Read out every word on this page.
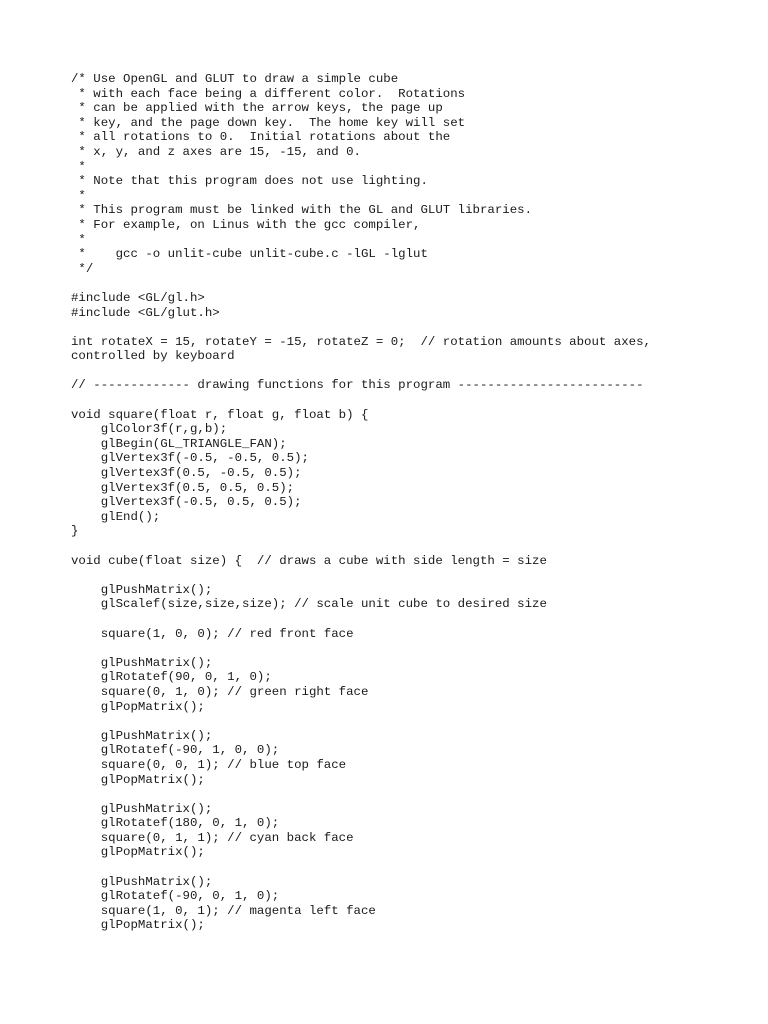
/* Use OpenGL and GLUT to draw a simple cube
* with each face being a different color.  Rotations
* can be applied with the arrow keys, the page up
* key, and the page down key.  The home key will set
* all rotations to 0.  Initial rotations about the
* x, y, and z axes are 15, -15, and 0.
*
* Note that this program does not use lighting.
*
* This program must be linked with the GL and GLUT libraries.
* For example, on Linus with the gcc compiler,
*
*    gcc -o unlit-cube unlit-cube.c -lGL -lglut
*/
#include <GL/gl.h>
#include <GL/glut.h>
int rotateX = 15, rotateY = -15, rotateZ = 0;  // rotation amounts about axes,
controlled by keyboard
// ------------- drawing functions for this program -------------------------
void square(float r, float g, float b) {
glColor3f(r,g,b);
glBegin(GL_TRIANGLE_FAN);
glVertex3f(-0.5, -0.5, 0.5);
glVertex3f(0.5, -0.5, 0.5);
glVertex3f(0.5, 0.5, 0.5);
glVertex3f(-0.5, 0.5, 0.5);
glEnd();
}
void cube(float size) {  // draws a cube with side length = size
glPushMatrix();
glScalef(size,size,size); // scale unit cube to desired size
square(1, 0, 0); // red front face
glPushMatrix();
glRotatef(90, 0, 1, 0);
square(0, 1, 0); // green right face
glPopMatrix();
glPushMatrix();
glRotatef(-90, 1, 0, 0);
square(0, 0, 1); // blue top face
glPopMatrix();
glPushMatrix();
glRotatef(180, 0, 1, 0);
square(0, 1, 1); // cyan back face
glPopMatrix();
glPushMatrix();
glRotatef(-90, 0, 1, 0);
square(1, 0, 1); // magenta left face
glPopMatrix();
